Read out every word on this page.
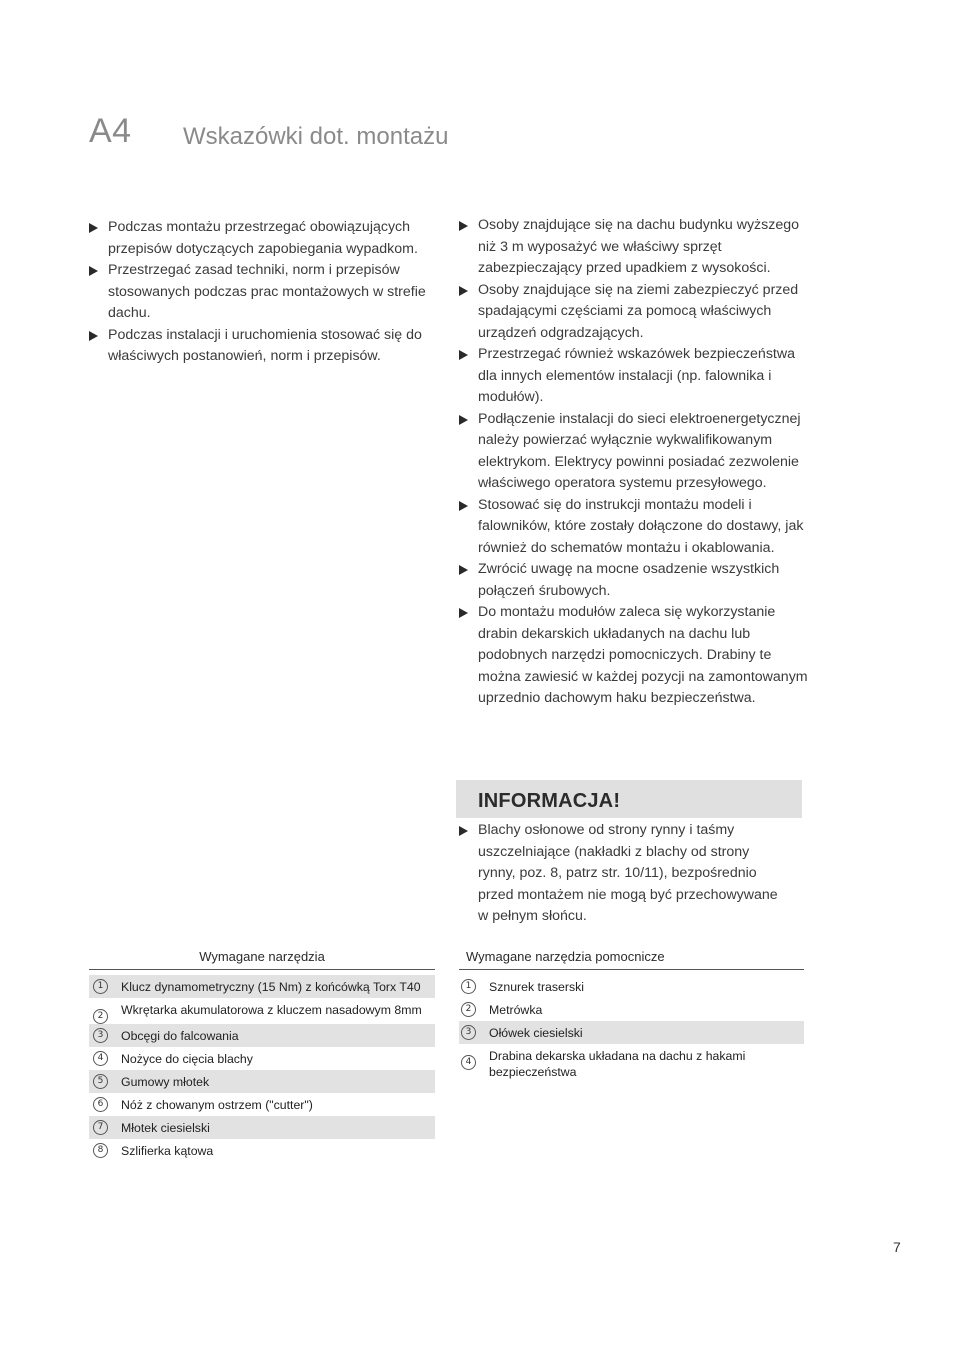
A4 Wskazówki dot. montażu
Podczas montażu przestrzegać obowiązujących przepisów dotyczących zapobiegania wypadkom.
Przestrzegać zasad techniki, norm i przepisów stosowanych podczas prac montażowych w strefie dachu.
Podczas instalacji i uruchomienia stosować się do właściwych postanowień, norm i przepisów.
Osoby znajdujące się na dachu budynku wyższego niż 3 m wyposażyć we właściwy sprzęt zabezpieczający przed upadkiem z wysokości.
Osoby znajdujące się na ziemi zabezpieczyć przed spadającymi częściami za pomocą właściwych urządzeń odgradzających.
Przestrzegać również wskazówek bezpieczeństwa dla innych elementów instalacji (np. falownika i modułów).
Podłączenie instalacji do sieci elektroenergetycznej należy powierzać wyłącznie wykwalifikowanym elektrykom. Elektrycy powinni posiadać zezwolenie właściwego operatora systemu przesyłowego.
Stosować się do instrukcji montażu modeli i falowników, które zostały dołączone do dostawy, jak również do schematów montażu i okablowania.
Zwrócić uwagę na mocne osadzenie wszystkich połączeń śrubowych.
Do montażu modułów zaleca się wykorzystanie drabin dekarskich układanych na dachu lub podobnych narzędzi pomocniczych. Drabiny te można zawiesić w każdej pozycji na zamontowanym uprzednio dachowym haku bezpieczeństwa.
INFORMACJA!
Blachy osłonowe od strony rynny i taśmy uszczelniające (nakładki z blachy od strony rynny, poz. 8, patrz str. 10/11), bezpośrednio przed montażem nie mogą być przechowywane w pełnym słońcu.
Wymagane narzędzia
1	Klucz dynamometryczny (15 Nm) z końcówką Torx T40
2	Wkrętarka akumulatorowa z kluczem nasadowym 8mm
3	Obcęgi do falcowania
4	Nożyce do cięcia blachy
5	Gumowy młotek
6	Nóż z chowanym ostrzem ("cutter")
7	Młotek ciesielski
8	Szlifierka kątowa
Wymagane narzędzia pomocnicze
1	Sznurek traserski
2	Metrówka
3	Ołówek ciesielski
4	Drabina dekarska układana na dachu z hakami bezpieczeństwa
7
